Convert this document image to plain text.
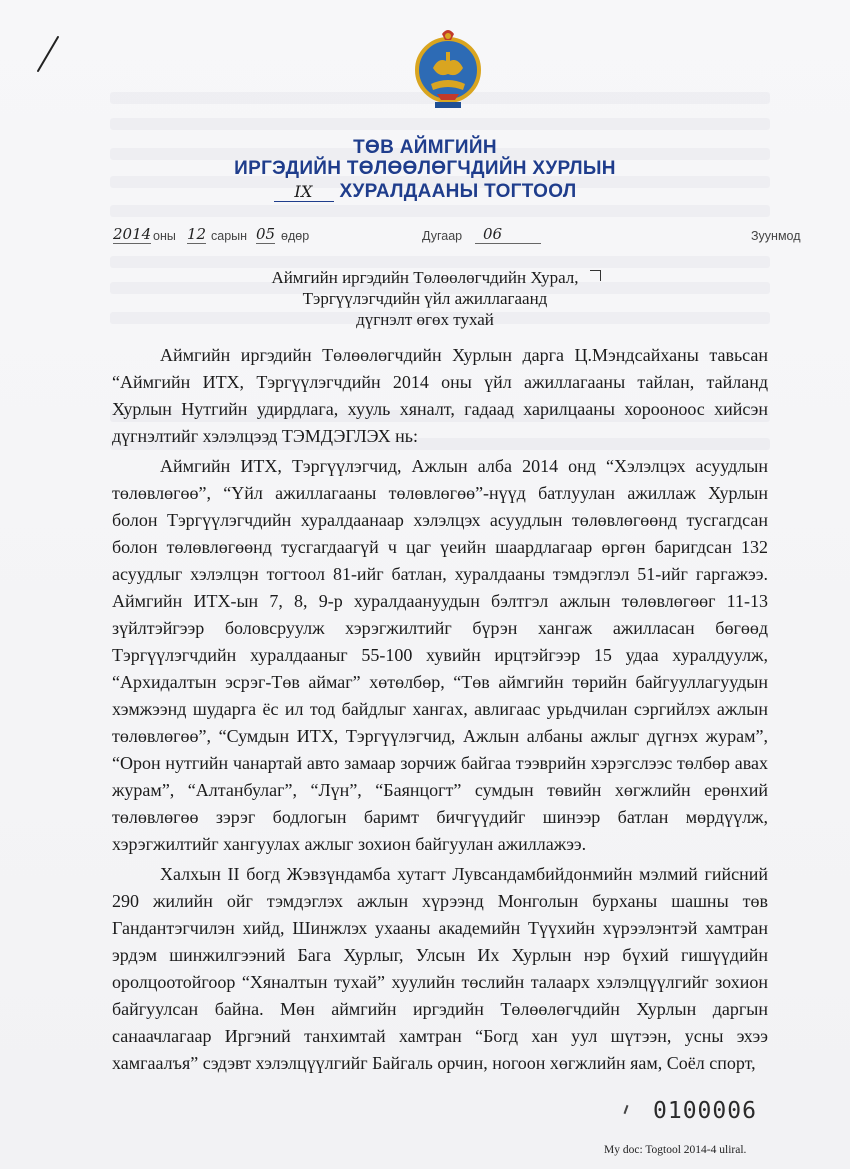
ТӨВ АЙМГИЙН
ИРГЭДИЙН ТӨЛӨӨЛӨГЧДИЙН ХУРЛЫН
IX ХУРАЛДААНЫ ТОГТООЛ
2014 оны 12 сарын 05 өдөр	Дугаар	06	Зуунмод
Аймгийн иргэдийн Төлөөлөгчдийн Хурал,
Тэргүүлэгчдийн үйл ажиллагаанд
дүгнэлт өгөх тухай

Аймгийн иргэдийн Төлөөлөгчдийн Хурлын дарга Ц.Мэндсайханы тавьсан “Аймгийн ИТХ, Тэргүүлэгчдийн 2014 оны үйл ажиллагааны тайлан, тайланд Хурлын Нутгийн удирдлага, хууль хяналт, гадаад харилцааны хорооноос хийсэн дүгнэлтийг хэлэлцээд ТЭМДЭГЛЭХ нь:

Аймгийн ИТХ, Тэргүүлэгчид, Ажлын алба 2014 онд “Хэлэлцэх асуудлын төлөвлөгөө”, “Үйл ажиллагааны төлөвлөгөө”-нүүд батлуулан ажиллаж Хурлын болон Тэргүүлэгчдийн хуралдаанаар хэлэлцэх асуудлын төлөвлөгөөнд тусгагдсан болон төлөвлөгөөнд тусгагдаагүй ч цаг үеийн шаардлагаар өргөн баригдсан 132 асуудлыг хэлэлцэн тогтоол 81-ийг батлан, хуралдааны тэмдэглэл 51-ийг гаргажээ. Аймгийн ИТХ-ын 7, 8, 9-р хуралдаануудын бэлтгэл ажлын төлөвлөгөөг 11-13 зүйлтэйгээр боловсруулж хэрэгжилтийг бүрэн хангаж ажилласан бөгөөд Тэргүүлэгчдийн хуралдааныг 55-100 хувийн ирцтэйгээр 15 удаа хуралдуулж, “Архидалтын эсрэг-Төв аймаг” хөтөлбөр, “Төв аймгийн төрийн байгууллагуудын хэмжээнд шударга ёс ил тод байдлыг хангах, авлигаас урьдчилан сэргийлэх ажлын төлөвлөгөө”, “Сумдын ИТХ, Тэргүүлэгчид, Ажлын албаны ажлыг дүгнэх журам”, “Орон нутгийн чанартай авто замаар зорчиж байгаа тээврийн хэрэгслээс төлбөр авах журам”, “Алтанбулаг”, “Лүн”, “Баянцогт” сумдын төвийн хөгжлийн ерөнхий төлөвлөгөө зэрэг бодлогын баримт бичгүүдийг шинээр батлан мөрдүүлж, хэрэгжилтийг хангуулах ажлыг зохион байгуулан ажиллажээ.

Халхын II богд Жэвзүндамба хутагт Лувсандамбийдонмийн мэлмий гийсний 290 жилийн ойг тэмдэглэх ажлын хүрээнд Монголын бурханы шашны төв Гандантэгчилэн хийд, Шинжлэх ухааны академийн Түүхийн хүрээлэнтэй хамтран эрдэм шинжилгээний Бага Хурлыг, Улсын Их Хурлын нэр бүхий гишүүдийн оролцоотойгоор “Хяналтын тухай” хуулийн төслийн талаарх хэлэлцүүлгийг зохион байгуулсан байна. Мөн аймгийн иргэдийн Төлөөлөгчдийн Хурлын даргын санаачлагаар Иргэний танхимтай хамтран “Богд хан уул шүтээн, усны эхээ хамгаалъя” сэдэвт хэлэлцүүлгийг Байгаль орчин, ногоон хөгжлийн яам, Соёл спорт,

0100006
My doc: Togtool 2014-4 uliral.
